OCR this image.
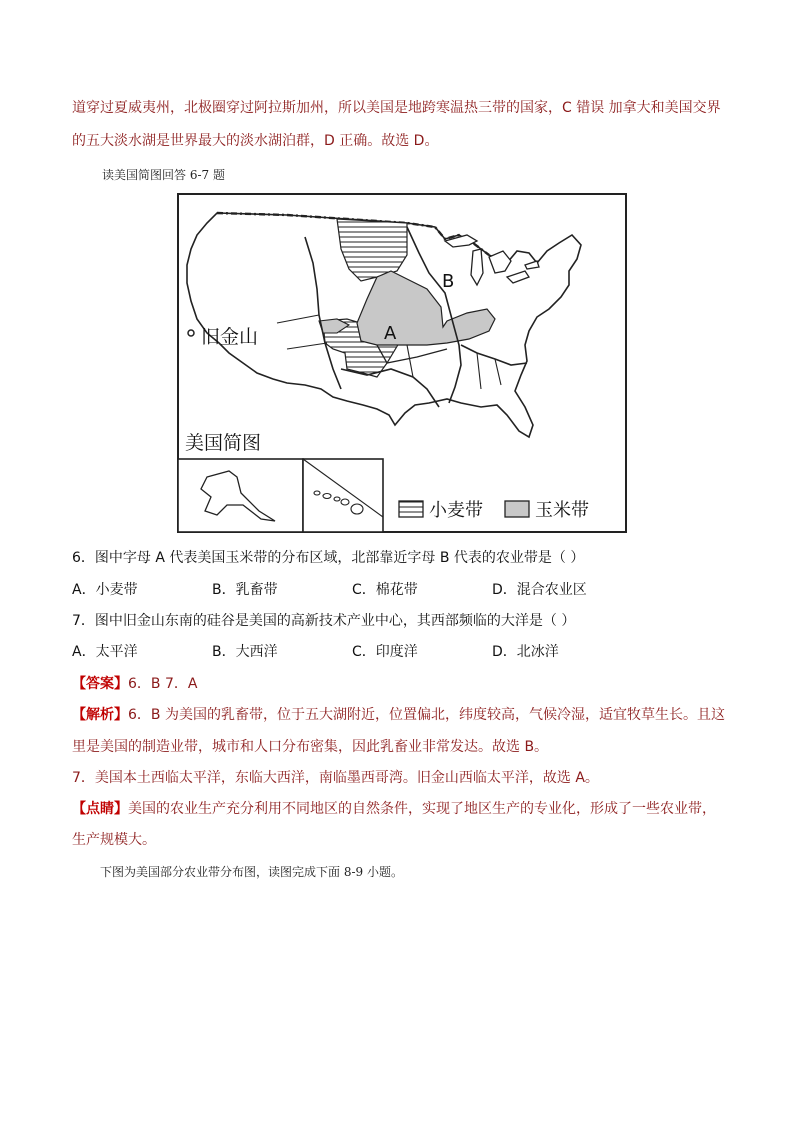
道穿过夏威夷州，北极圈穿过阿拉斯加州，所以美国是地跨寒温热三带的国家，C 错误 加拿大和美国交界
的五大淡水湖是世界最大的淡水湖泊群，D 正确。故选 D。
读美国简图回答 6-7 题
旧金山	A
B
美国简图
小麦带	玉米带
6．图中字母 A 代表美国玉米带的分布区域，北部靠近字母 B 代表的农业带是（ ）
A．小麦带	B．乳畜带	C．棉花带	D．混合农业区
7．图中旧金山东南的硅谷是美国的高新技术产业中心，其西部频临的大洋是（ ）
A．太平洋	B．大西洋	C．印度洋	D．北冰洋
【答案】6．B 7．A
【解析】6．B 为美国的乳畜带，位于五大湖附近，位置偏北，纬度较高，气候冷湿，适宜牧草生长。且这
里是美国的制造业带，城市和人口分布密集，因此乳畜业非常发达。故选 B。
7．美国本土西临太平洋，东临大西洋，南临墨西哥湾。旧金山西临太平洋，故选 A。
【点睛】美国的农业生产充分利用不同地区的自然条件，实现了地区生产的专业化，形成了一些农业带，
生产规模大。
下图为美国部分农业带分布图，读图完成下面 8-9 小题。
